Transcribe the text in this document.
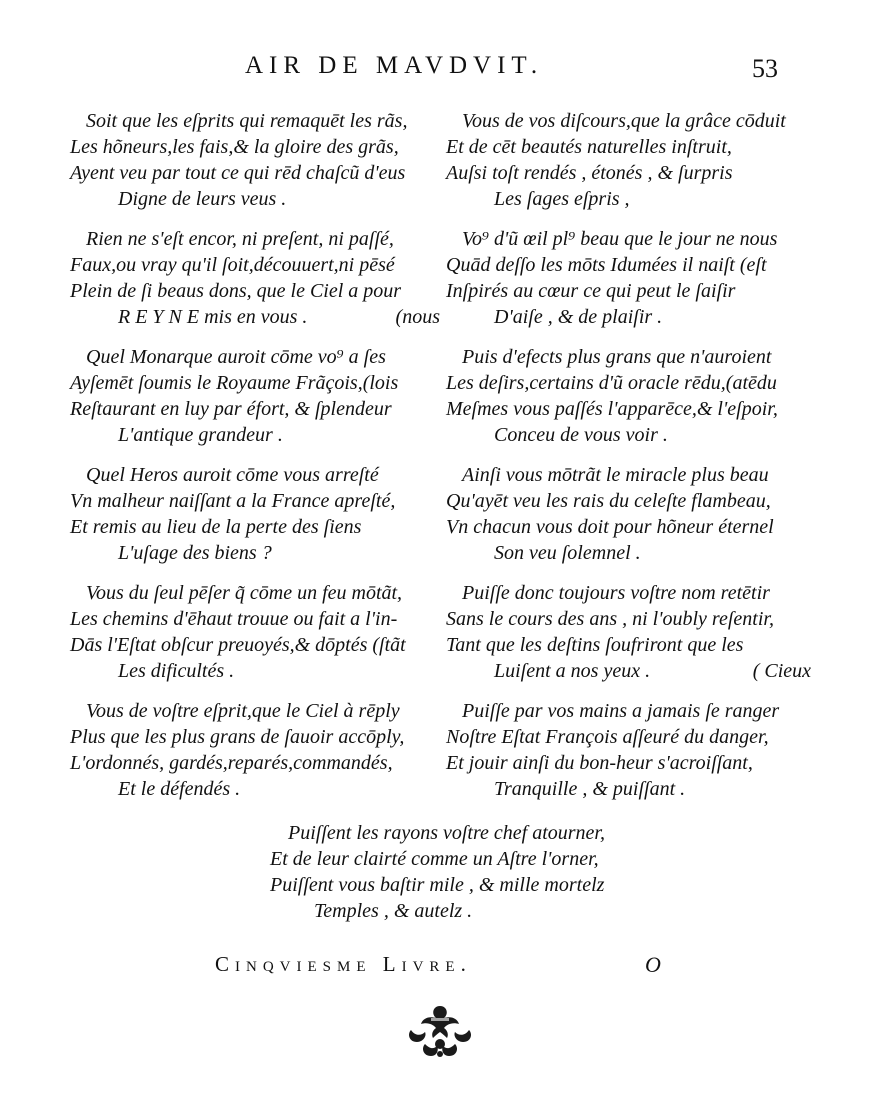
AIR DE MAVDVIT.	53
Soit que les eſprits qui remaquēt les rãs,
Les hõneurs,les fais,& la gloire des grãs,
Ayent veu par tout ce qui rēd chaſcũ d'eus
Digne de leurs veus .
Rien ne s'eſt encor, ni preſent, ni paſſé,
Faux,ou vray qu'il ſoit,découuert,ni pēsé
Plein de ſi beaus dons, que le Ciel a pour
R E Y N E mis en vous .	(nous
Quel Monarque auroit cōme vo⁹ a ſes
Ayſemēt ſoumis le Royaume Frãçois,(lois
Reſtaurant en luy par éfort, & ſplendeur
L'antique grandeur .
Quel Heros auroit cōme vous arreſté
Vn malheur naiſſant a la France apreſté,
Et remis au lieu de la perte des ſiens
L'uſage des biens ?
Vous du ſeul pēſer q̃ cōme un feu mōtãt,
Les chemins d'ēhaut trouue ou fait a l'in-
Dās l'Eſtat obſcur preuoyés,& dōptés (ſtãt
Les dificultés .
Vous de voſtre eſprit,que le Ciel à rēply
Plus que les plus grans de ſauoir accōply,
L'ordonnés, gardés,reparés,commandés,
Et le défendés .
Vous de vos diſcours,que la grâce cōduit
Et de cēt beautés naturelles inſtruit,
Auſsi toſt rendés , étonés , & ſurpris
Les ſages eſpris ,
Vo⁹ d'ũ œil pl⁹ beau que le jour ne nous
Quād deſſo les mōts Idumées il naiſt (eſt
Inſpirés au cœur ce qui peut le ſaiſir
D'aiſe , & de plaiſir .
Puis d'efects plus grans que n'auroient
Les deſirs,certains d'ũ oracle rēdu,(atēdu
Meſmes vous paſſés l'apparēce,& l'eſpoir,
Conceu de vous voir .
Ainſi vous mōtrãt le miracle plus beau
Qu'ayēt veu les rais du celeſte flambeau,
Vn chacun vous doit pour hõneur éternel
Son veu ſolemnel .
Puiſſe donc toujours voſtre nom retētir
Sans le cours des ans , ni l'oubly reſentir,
Tant que les deſtins ſoufriront que les
Luiſent a nos yeux .	( Cieux
Puiſſe par vos mains a jamais ſe ranger
Noſtre Eſtat François aſſeuré du danger,
Et jouir ainſi du bon-heur s'acroiſſant,
Tranquille , & puiſſant .
Puiſſent les rayons voſtre chef atourner,
Et de leur clairté comme un Aſtre l'orner,
Puiſſent vous baſtir mile , & mille mortelz
Temples , & autelz .
Cinqviesme Livre.	O
